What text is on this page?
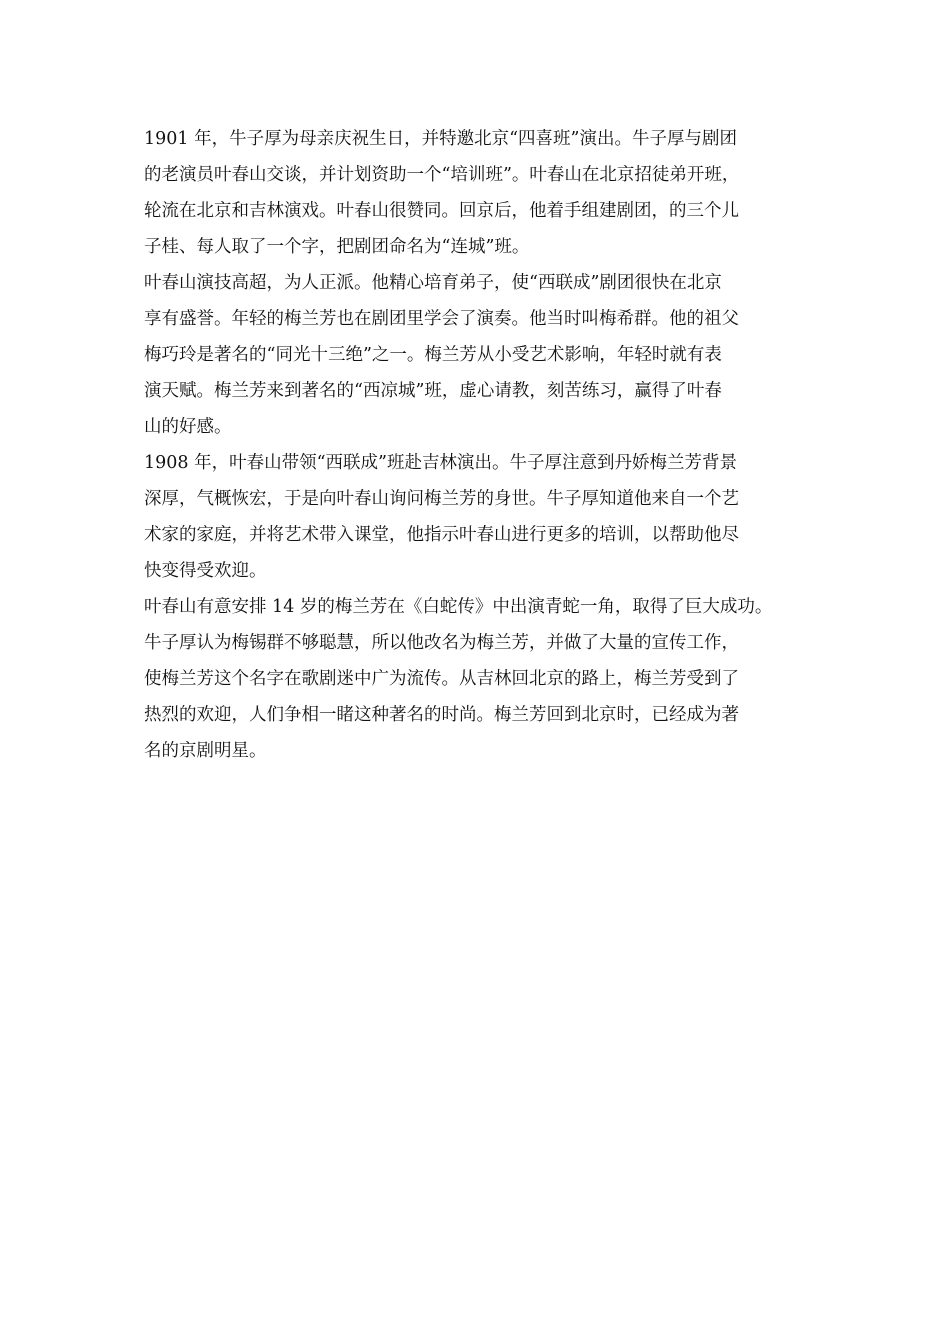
1901 年，牛子厚为母亲庆祝生日，并特邀北京“四喜班”演出。牛子厚与剧团
的老演员叶春山交谈，并计划资助一个“培训班”。叶春山在北京招徒弟开班，
轮流在北京和吉林演戏。叶春山很赞同。回京后，他着手组建剧团，的三个儿
子桂、每人取了一个字，把剧团命名为“连城”班。
叶春山演技高超，为人正派。他精心培育弟子，使“西联成”剧团很快在北京
享有盛誉。年轻的梅兰芳也在剧团里学会了演奏。他当时叫梅希群。他的祖父
梅巧玲是著名的“同光十三绝”之一。梅兰芳从小受艺术影响，年轻时就有表
演天赋。梅兰芳来到著名的“西凉城”班，虚心请教，刻苦练习，赢得了叶春
山的好感。
1908 年，叶春山带领“西联成”班赴吉林演出。牛子厚注意到丹娇梅兰芳背景
深厚，气概恢宏，于是向叶春山询问梅兰芳的身世。牛子厚知道他来自一个艺
术家的家庭，并将艺术带入课堂，他指示叶春山进行更多的培训，以帮助他尽
快变得受欢迎。
叶春山有意安排 14 岁的梅兰芳在《白蛇传》中出演青蛇一角，取得了巨大成功。
牛子厚认为梅锡群不够聪慧，所以他改名为梅兰芳，并做了大量的宣传工作，
使梅兰芳这个名字在歌剧迷中广为流传。从吉林回北京的路上，梅兰芳受到了
热烈的欢迎，人们争相一睹这种著名的时尚。梅兰芳回到北京时，已经成为著
名的京剧明星。
